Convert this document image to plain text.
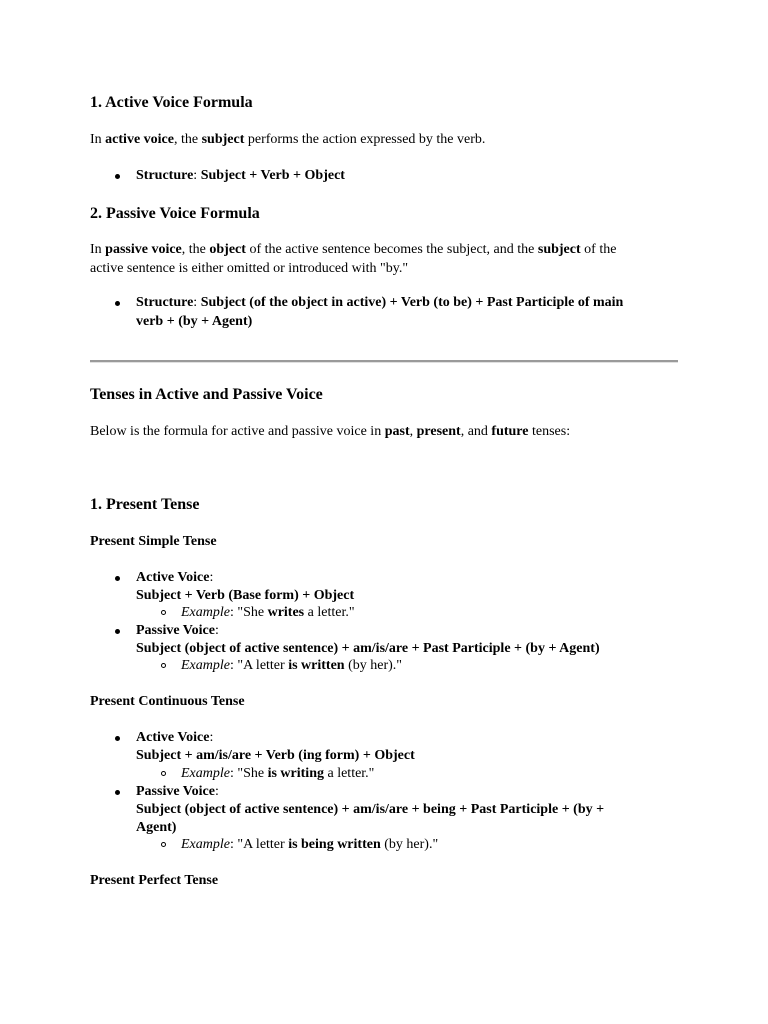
1. Active Voice Formula
In active voice, the subject performs the action expressed by the verb.
Structure: Subject + Verb + Object
2. Passive Voice Formula
In passive voice, the object of the active sentence becomes the subject, and the subject of the
active sentence is either omitted or introduced with "by."
Structure: Subject (of the object in active) + Verb (to be) + Past Participle of main
verb + (by + Agent)
Tenses in Active and Passive Voice
Below is the formula for active and passive voice in past, present, and future tenses:
1. Present Tense
Present Simple Tense
Active Voice:
Subject + Verb (Base form) + Object
Example: "She writes a letter."
Passive Voice:
Subject (object of active sentence) + am/is/are + Past Participle + (by + Agent)
Example: "A letter is written (by her)."
Present Continuous Tense
Active Voice:
Subject + am/is/are + Verb (ing form) + Object
Example: "She is writing a letter."
Passive Voice:
Subject (object of active sentence) + am/is/are + being + Past Participle + (by +
Agent)
Example: "A letter is being written (by her)."
Present Perfect Tense
